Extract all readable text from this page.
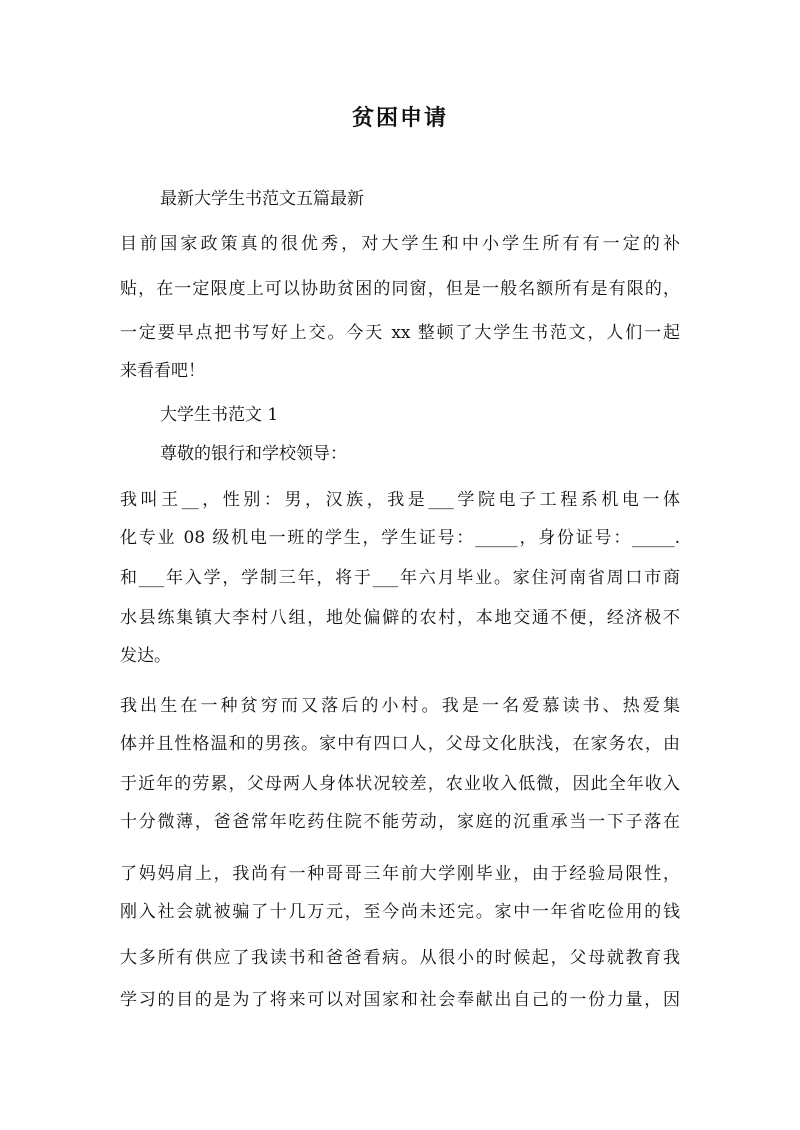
贫困申请
最新大学生书范文五篇最新
目前国家政策真的很优秀，对大学生和中小学生所有有一定的补
贴，在一定限度上可以协助贫困的同窗，但是一般名额所有是有限的，
一定要早点把书写好上交。今天 xx 整顿了大学生书范文，人们一起
来看看吧！
大学生书范文 1
尊敬的银行和学校领导：
我叫王__，性别：男，汉族，我是___学院电子工程系机电一体
化专业 08 级机电一班的学生，学生证号：_____，身份证号：_____.
和___年入学，学制三年，将于___年六月毕业。家住河南省周口市商
水县练集镇大李村八组，地处偏僻的农村，本地交通不便，经济极不
发达。
我出生在一种贫穷而又落后的小村。我是一名爱慕读书、热爱集
体并且性格温和的男孩。家中有四口人，父母文化肤浅，在家务农，由
于近年的劳累，父母两人身体状况较差，农业收入低微，因此全年收入
十分微薄，爸爸常年吃药住院不能劳动，家庭的沉重承当一下子落在
了妈妈肩上，我尚有一种哥哥三年前大学刚毕业，由于经验局限性，
刚入社会就被骗了十几万元，至今尚未还完。家中一年省吃俭用的钱
大多所有供应了我读书和爸爸看病。从很小的时候起，父母就教育我
学习的目的是为了将来可以对国家和社会奉献出自己的一份力量，因
